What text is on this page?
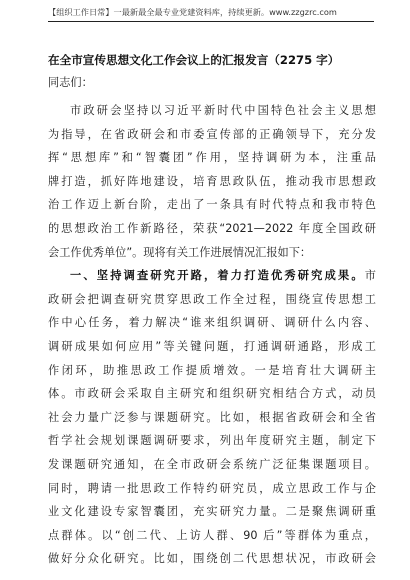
【组织工作日常】一最新最全最专业党建资料库，持续更新。www.zzgzrc.com
在全市宣传思想文化工作会议上的汇报发言（2275 字）
同志们：
市政研会坚持以习近平新时代中国特色社会主义思想
为指导，在省政研会和市委宣传部的正确领导下，充分发
挥“思想库”和“智囊团”作用，坚持调研为本，注重品
牌打造，抓好阵地建设，培育思政队伍，推动我市思想政
治工作迈上新台阶，走出了一条具有时代特点和我市特色
的思想政治工作新路径，荣获“2021—2022 年度全国政研
会工作优秀单位”。现将有关工作进展情况汇报如下：
一、坚持调查研究开路，着力打造优秀研究成果。市
政研会把调查研究贯穿思政工作全过程，围绕宣传思想工
作中心任务，着力解决“谁来组织调研、调研什么内容、
调研成果如何应用”等关键问题，打通调研通路，形成工
作闭环，助推思政工作提质增效。一是培育壮大调研主
体。市政研会采取自主研究和组织研究相结合方式，动员
社会力量广泛参与课题研究。比如，根据省政研会和全省
哲学社会规划课题调研要求，列出年度研究主题，制定下
发课题研究通知，在全市政研会系统广泛征集课题项目。
同时，聘请一批思政工作特约研究员，成立思政工作与企
业文化建设专家智囊团，充实研究力量。二是聚焦调研重
点群体。以“创二代、上访人群、90 后”等群体为重点，
做好分众化研究。比如，围绕创二代思想状况，市政研会
